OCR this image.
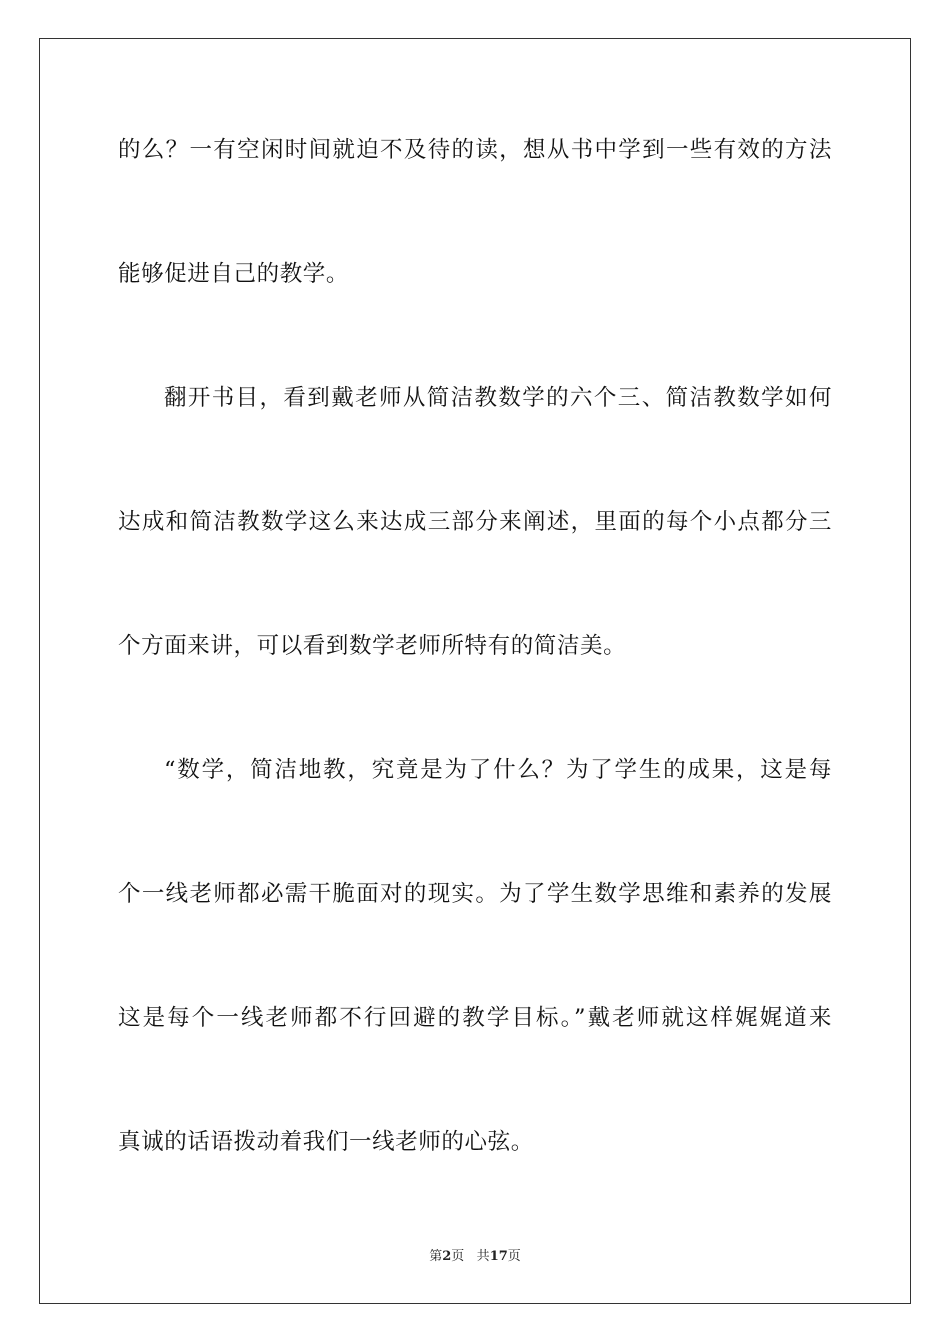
的么？一有空闲时间就迫不及待的读，想从书中学到一些有效的方法
能够促进自己的教学。
翻开书目，看到戴老师从简洁教数学的六个三、简洁教数学如何
达成和简洁教数学这么来达成三部分来阐述，里面的每个小点都分三
个方面来讲，可以看到数学老师所特有的简洁美。
“数学，简洁地教，究竟是为了什么？为了学生的成果，这是每
个一线老师都必需干脆面对的现实。为了学生数学思维和素养的发展
这是每个一线老师都不行回避的教学目标。”戴老师就这样娓娓道来
真诚的话语拨动着我们一线老师的心弦。
第2页 共17页
